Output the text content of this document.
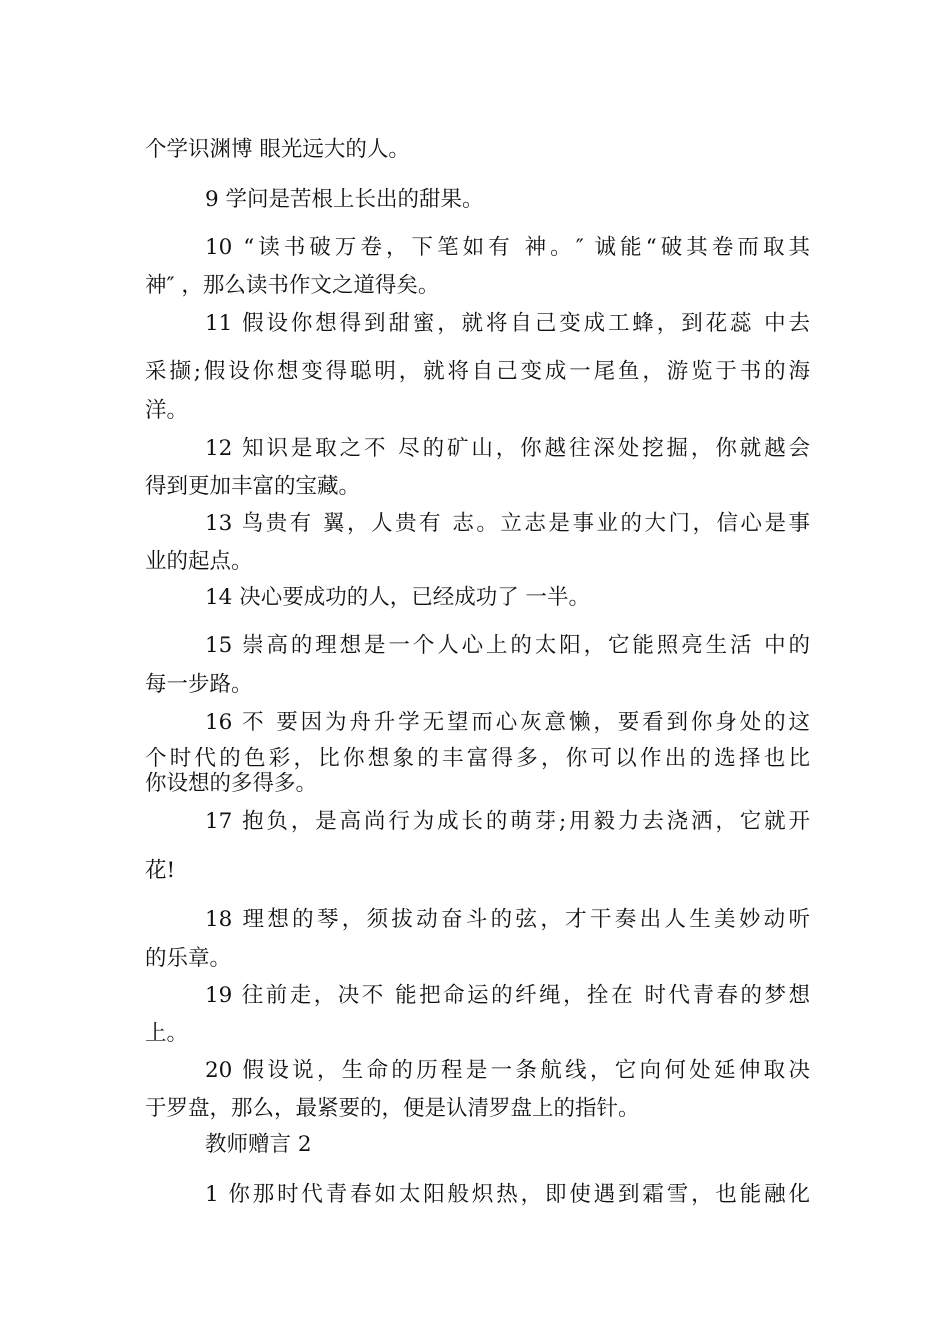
个学识渊博 眼光远大的人。
9 学问是苦根上长出的甜果。
10 “读书破万卷，下笔如有 神。″ 诚能“破其卷而取其
神″ ，那么读书作文之道得矣。
11 假设你想得到甜蜜，就将自己变成工蜂，到花蕊 中去
采撷;假设你想变得聪明，就将自己变成一尾鱼，游览于书的海
洋。
12 知识是取之不 尽的矿山，你越往深处挖掘，你就越会
得到更加丰富的宝藏。
13 鸟贵有 翼，人贵有 志。立志是事业的大门，信心是事
业的起点。
14 决心要成功的人，已经成功了 一半。
15 崇高的理想是一个人心上的太阳，它能照亮生活 中的
每一步路。
16 不 要因为舟升学无望而心灰意懒，要看到你身处的这
个时代的色彩，比你想象的丰富得多，你可以作出的选择也比
你设想的多得多。
17 抱负，是高尚行为成长的萌芽;用毅力去浇洒，它就开
花!
18 理想的琴，须拔动奋斗的弦，才干奏出人生美妙动听
的乐章。
19 往前走，决不 能把命运的纤绳，拴在 时代青春的梦想
上。
20 假设说，生命的历程是一条航线，它向何处延伸取决
于罗盘，那么，最紧要的，便是认清罗盘上的指针。
教师赠言 2
1 你那时代青春如太阳般炽热，即使遇到霜雪，也能融化
